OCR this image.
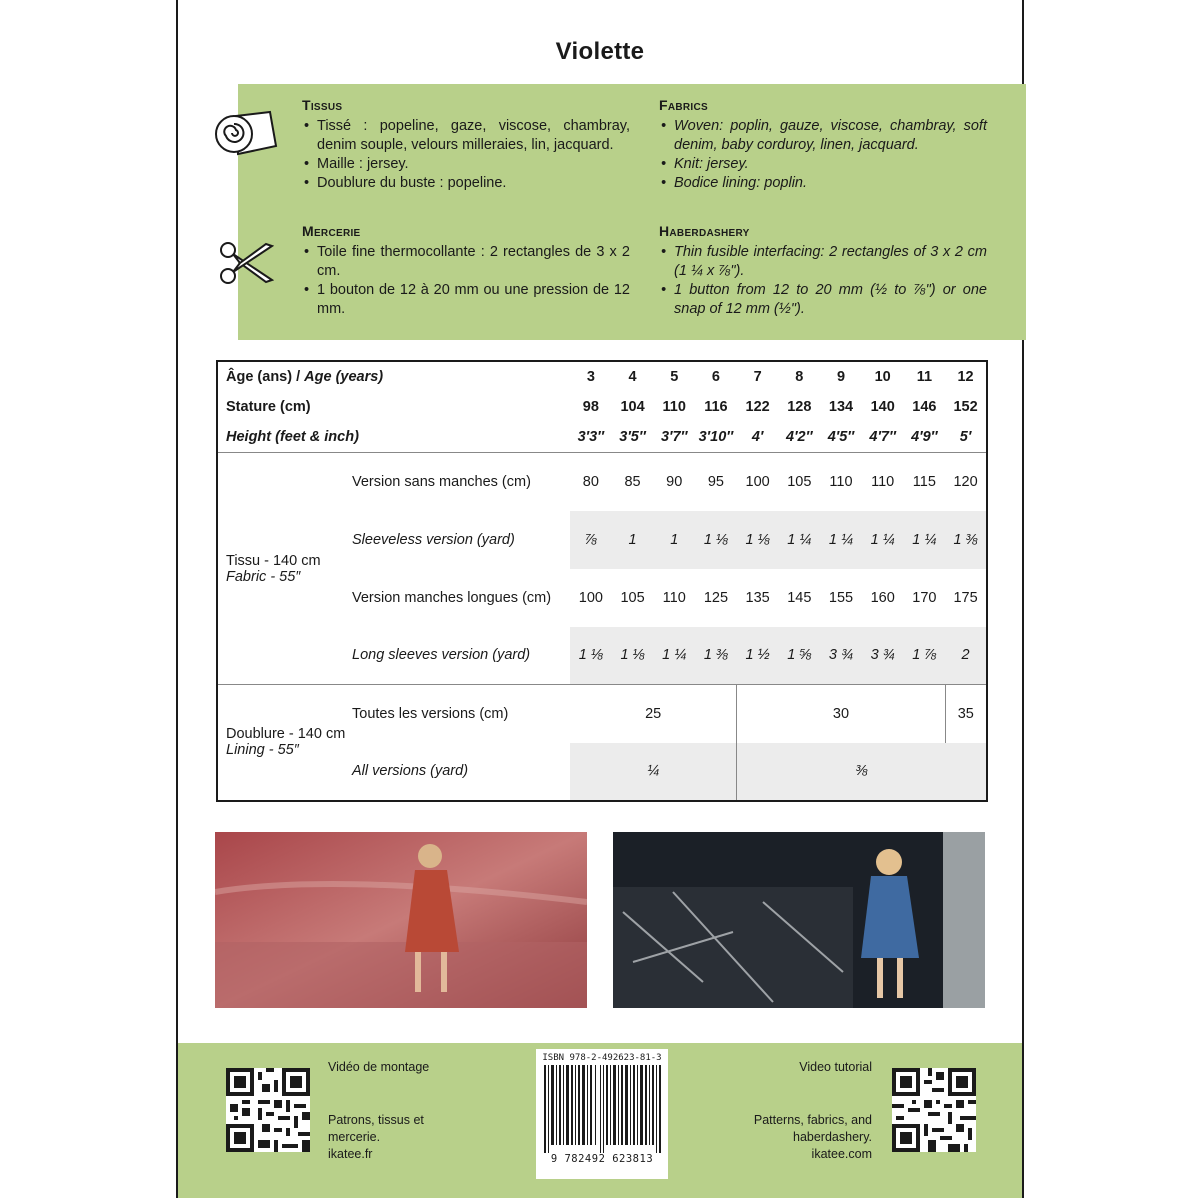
Violette
Tissus
• Tissé : popeline, gaze, viscose, chambray, denim souple, velours milleraies, lin, jacquard.
• Maille : jersey.
• Doublure du buste : popeline.
Fabrics
• Woven: poplin, gauze, viscose, chambray, soft denim, baby corduroy, linen, jacquard.
• Knit: jersey.
• Bodice lining: poplin.
Mercerie
• Toile fine thermocollante : 2 rectangles de 3 x 2 cm.
• 1 bouton de 12 à 20 mm ou une pression de 12 mm.
Haberdashery
• Thin fusible interfacing: 2 rectangles of 3 x 2 cm (1 ¼ x ⅞").
• 1 button from 12 to 20 mm (½ to ⅞") or one snap of 12 mm (½").
Âge (ans) / Age (years)		3	4	5	6	7	8	9	10	11	12
Stature (cm)		98	104	110	116	122	128	134	140	146	152
Height (feet & inch)		3′3″	3′5″	3′7″	3′10″	4′	4′2″	4′5″	4′7″	4′9″	5′

Tissu - 140 cm
Fabric - 55″	Version sans manches (cm)	80	85	90	95	100	105	110	110	115	120
	Sleeveless version (yard)	⅞	1	1	1 ⅛	1 ⅛	1 ¼	1 ¼	1 ¼	1 ¼	1 ⅜
	Version manches longues (cm)	100	105	110	125	135	145	155	160	170	175
	Long sleeves version (yard)	1 ⅛	1 ⅛	1 ¼	1 ⅜	1 ½	1 ⅝	3 ¾	3 ¾	1 ⅞	2

Doublure - 140 cm
Lining - 55″	Toutes les versions (cm)	25				30					35
	All versions (yard)	¼				⅜					
Vidéo de montage
Patrons, tissus et
mercerie.
ikatee.fr
ISBN 978-2-492623-81-3
9 782492 623813
Video tutorial
Patterns, fabrics, and
haberdashery.
ikatee.com
